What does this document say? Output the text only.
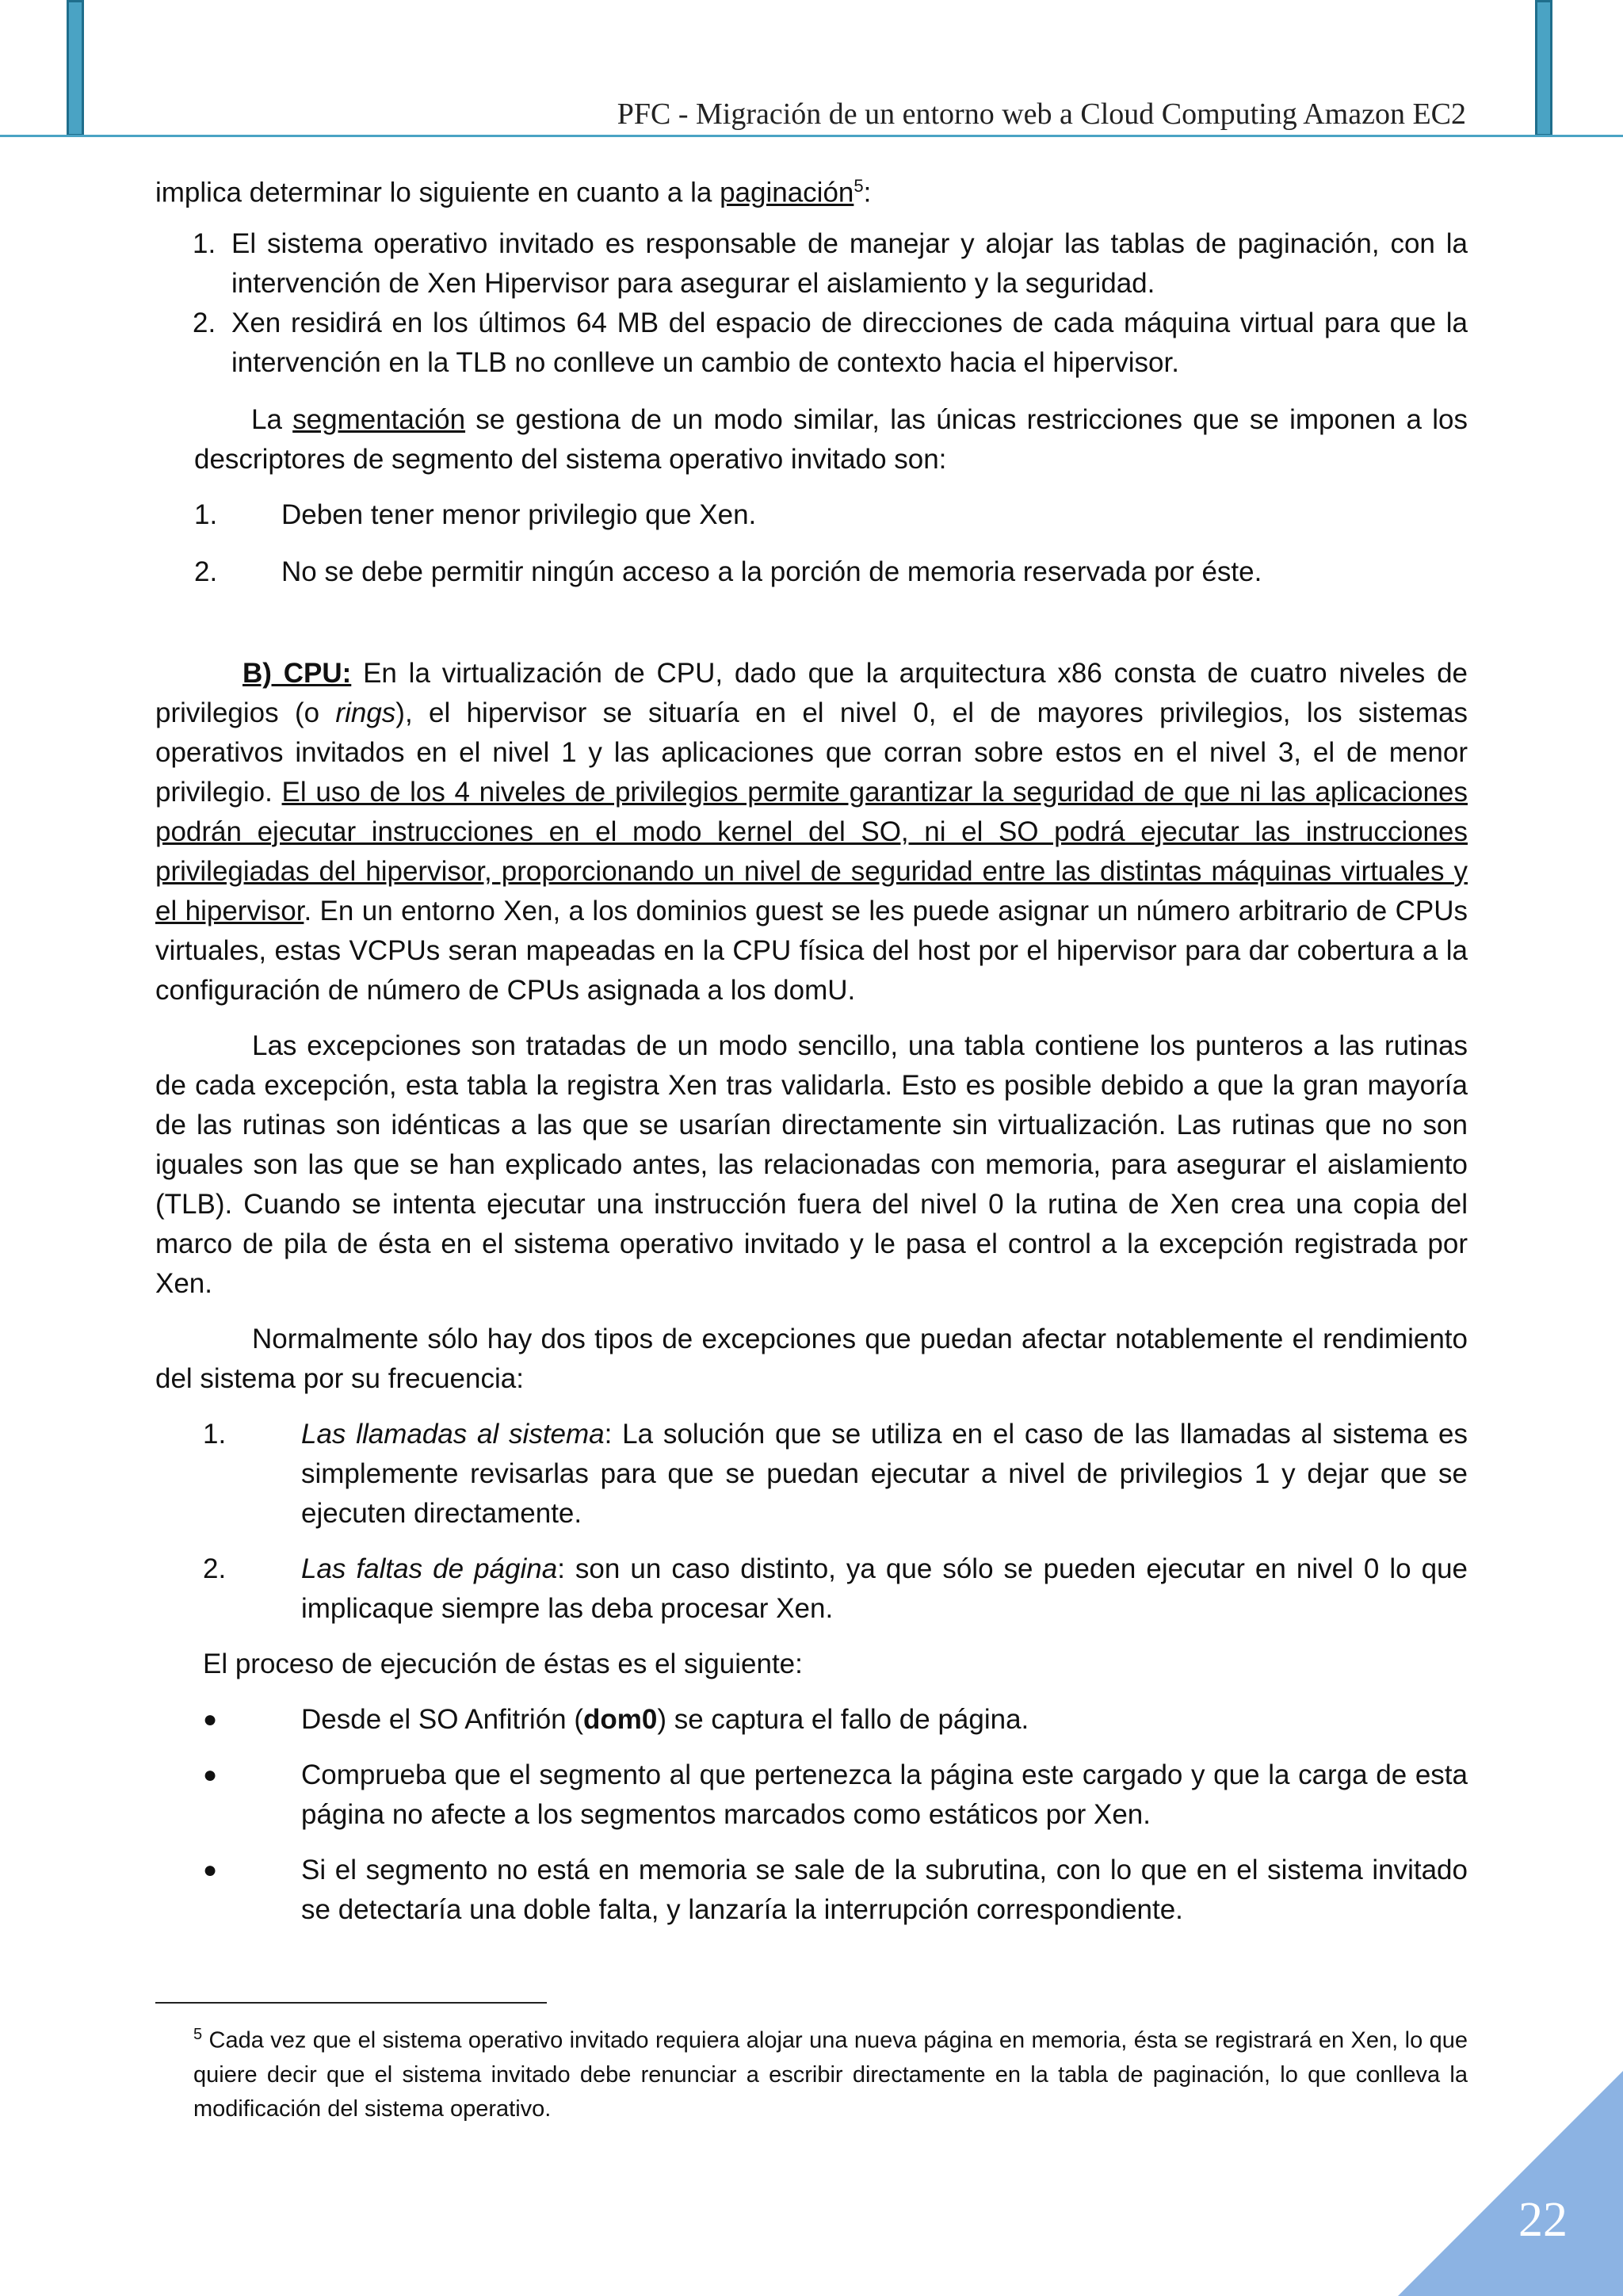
PFC - Migración de un entorno web a Cloud Computing Amazon EC2

implica determinar lo siguiente en cuanto a la paginación$^5$:

1. El sistema operativo invitado es responsable de manejar y alojar las tablas de paginación, con la intervención de Xen Hipervisor para asegurar el aislamiento y la seguridad.
2. Xen residirá en los últimos 64 MB del espacio de direcciones de cada máquina virtual para que la intervención en la TLB no conlleve un cambio de contexto hacia el hipervisor.

La segmentación se gestiona de un modo similar, las únicas restricciones que se imponen a los descriptores de segmento del sistema operativo invitado son:

1. Deben tener menor privilegio que Xen.
2. No se debe permitir ningún acceso a la porción de memoria reservada por éste.

B) CPU: En la virtualización de CPU, dado que la arquitectura x86 consta de cuatro niveles de privilegios (o rings), el hipervisor se situaría en el nivel 0, el de mayores privilegios, los sistemas operativos invitados en el nivel 1 y las aplicaciones que corran sobre estos en el nivel 3, el de menor privilegio. El uso de los 4 niveles de privilegios permite garantizar la seguridad de que ni las aplicaciones podrán ejecutar instrucciones en el modo kernel del SO, ni el SO podrá ejecutar las instrucciones privilegiadas del hipervisor, proporcionando un nivel de seguridad entre las distintas máquinas virtuales y el hipervisor. En un entorno Xen, a los dominios guest se les puede asignar un número arbitrario de CPUs virtuales, estas VCPUs seran mapeadas en la CPU física del host por el hipervisor para dar cobertura a la configuración de número de CPUs asignada a los domU.

Las excepciones son tratadas de un modo sencillo, una tabla contiene los punteros a las rutinas de cada excepción, esta tabla la registra Xen tras validarla. Esto es posible debido a que la gran mayoría de las rutinas son idénticas a las que se usarían directamente sin virtualización. Las rutinas que no son iguales son las que se han explicado antes, las relacionadas con memoria, para asegurar el aislamiento (TLB). Cuando se intenta ejecutar una instrucción fuera del nivel 0 la rutina de Xen crea una copia del marco de pila de ésta en el sistema operativo invitado y le pasa el control a la excepción registrada por Xen.

Normalmente sólo hay dos tipos de excepciones que puedan afectar notablemente el rendimiento del sistema por su frecuencia:

1.	Las llamadas al sistema: La solución que se utiliza en el caso de las llamadas al sistema es simplemente revisarlas para que se puedan ejecutar a nivel de privilegios 1 y dejar que se ejecuten directamente.
2.	Las faltas de página: son un caso distinto, ya que sólo se pueden ejecutar en nivel 0 lo que implicaque siempre las deba procesar Xen.

El proceso de ejecución de éstas es el siguiente:

●	Desde el SO Anfitrión (dom0) se captura el fallo de página.
●	Comprueba que el segmento al que pertenezca la página este cargado y que la carga de esta página no afecte a los segmentos marcados como estáticos por Xen.
●	Si el segmento no está en memoria se sale de la subrutina, con lo que en el sistema invitado se detectaría una doble falta, y lanzaría la interrupción correspondiente.
$^5$ Cada vez que el sistema operativo invitado requiera alojar una nueva página en memoria, ésta se registrará en Xen, lo que quiere decir que el sistema invitado debe renunciar a escribir directamente en la tabla de paginación, lo que conlleva la modificación del sistema operativo.
22
